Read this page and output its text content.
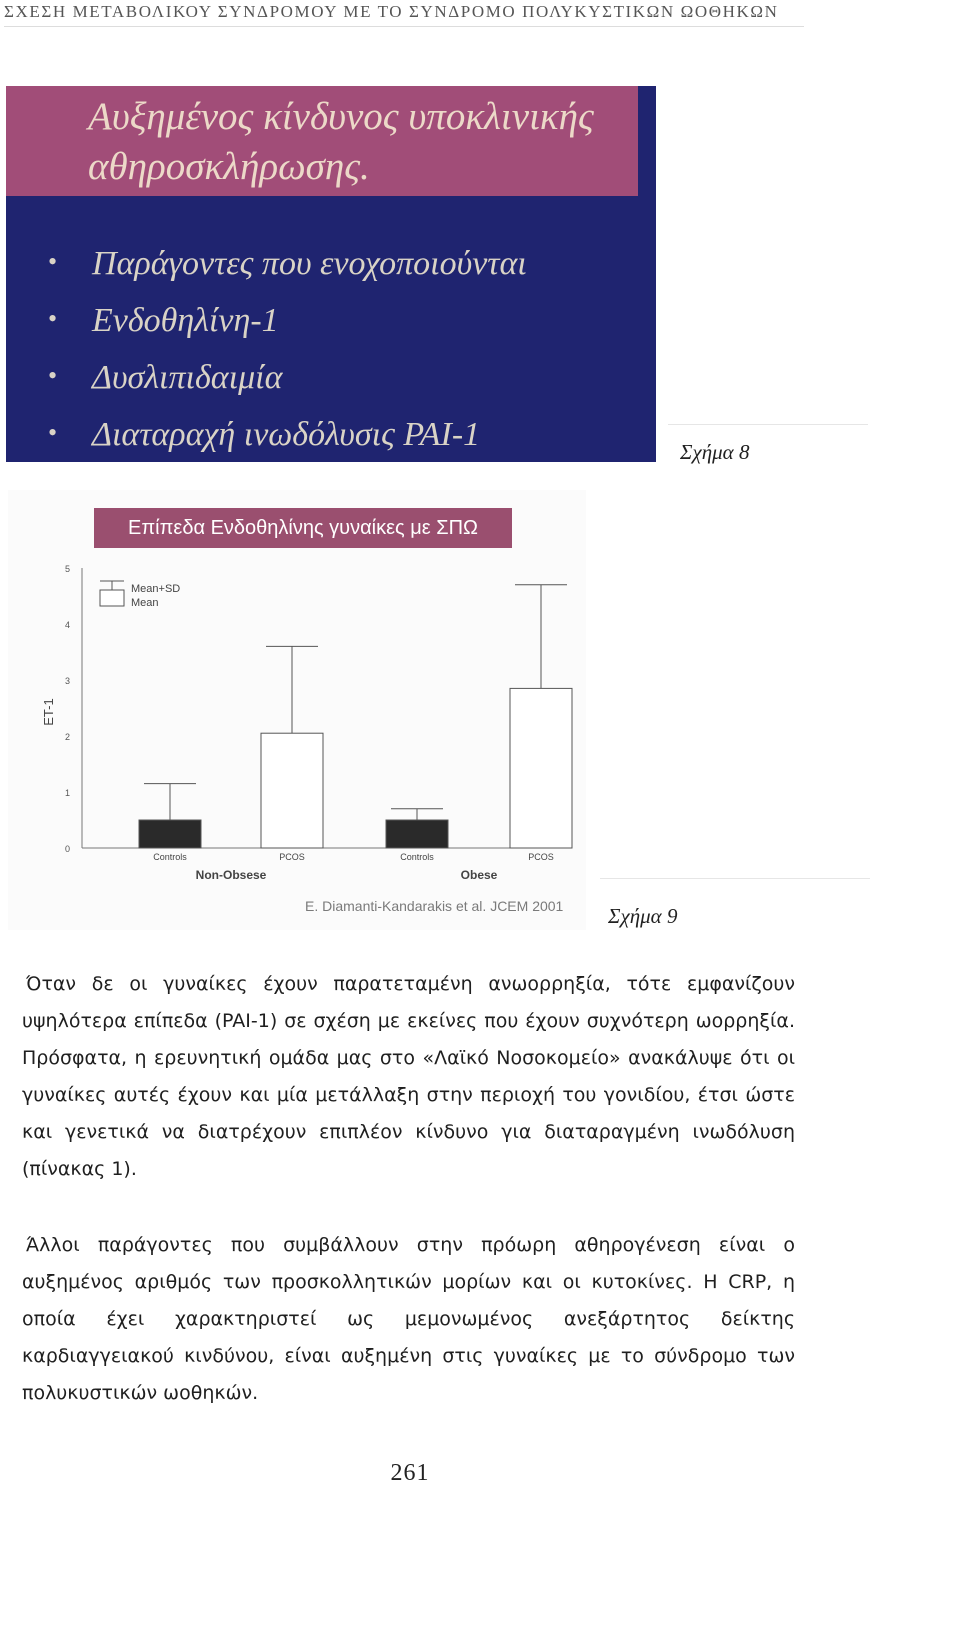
ΣΧΕΣΗ ΜΕΤΑΒΟΛΙΚΟΥ ΣΥΝΔΡΟΜΟΥ ΜΕ ΤΟ ΣΥΝΔΡΟΜΟ ΠΟΛΥΚΥΣΤΙΚΩΝ ΩΟΘΗΚΩΝ
Αυξημένος κίνδυνος υποκλινικής
αθηροσκλήρωσης.
• Παράγοντες που ενοχοποιούνται
• Ενδοθηλίνη-1
• Δυσλιπιδαιμία
• Διαταραχή ινωδόλυσις PAI-1	Σχήμα 8
Επίπεδα Ενδοθηλίνης γυναίκες με ΣΠΩ
ET-1
Mean+SD
Mean
0
1
2
3
4
5
Controls	PCOS	Controls	PCOS
Non-Obsese	Obese
E. Diamanti-Kandarakis et al. JCEM 2001 Σχήμα 9

Όταν δε οι γυναίκες έχουν παρατεταμένη ανωορρηξία, τότε εμφανίζουν υψηλότερα επίπεδα (PAI-1) σε σχέση με εκείνες που έχουν συχνότερη ωορρηξία. Πρόσφατα, η ερευνητική ομάδα μας στο «Λαϊκό Νοσοκομείο» ανακάλυψε ότι οι γυναίκες αυτές έχουν και μία μετάλλαξη στην περιοχή του γονιδίου, έτσι ώστε και γενετικά να διατρέχουν επιπλέον κίνδυνο για διαταραγμένη ινωδόλυση (πίνακας 1).

Άλλοι παράγοντες που συμβάλλουν στην πρόωρη αθηρογένεση είναι ο αυξημένος αριθμός των προσκολλητικών μορίων και οι κυτοκίνες. Η CRP, η οποία έχει χαρακτηριστεί ως μεμονωμένος ανεξάρτητος δείκτης καρδιαγγειακού κινδύνου, είναι αυξημένη στις γυναίκες με το σύνδρομο των πολυκυστικών ωοθηκών.

261
